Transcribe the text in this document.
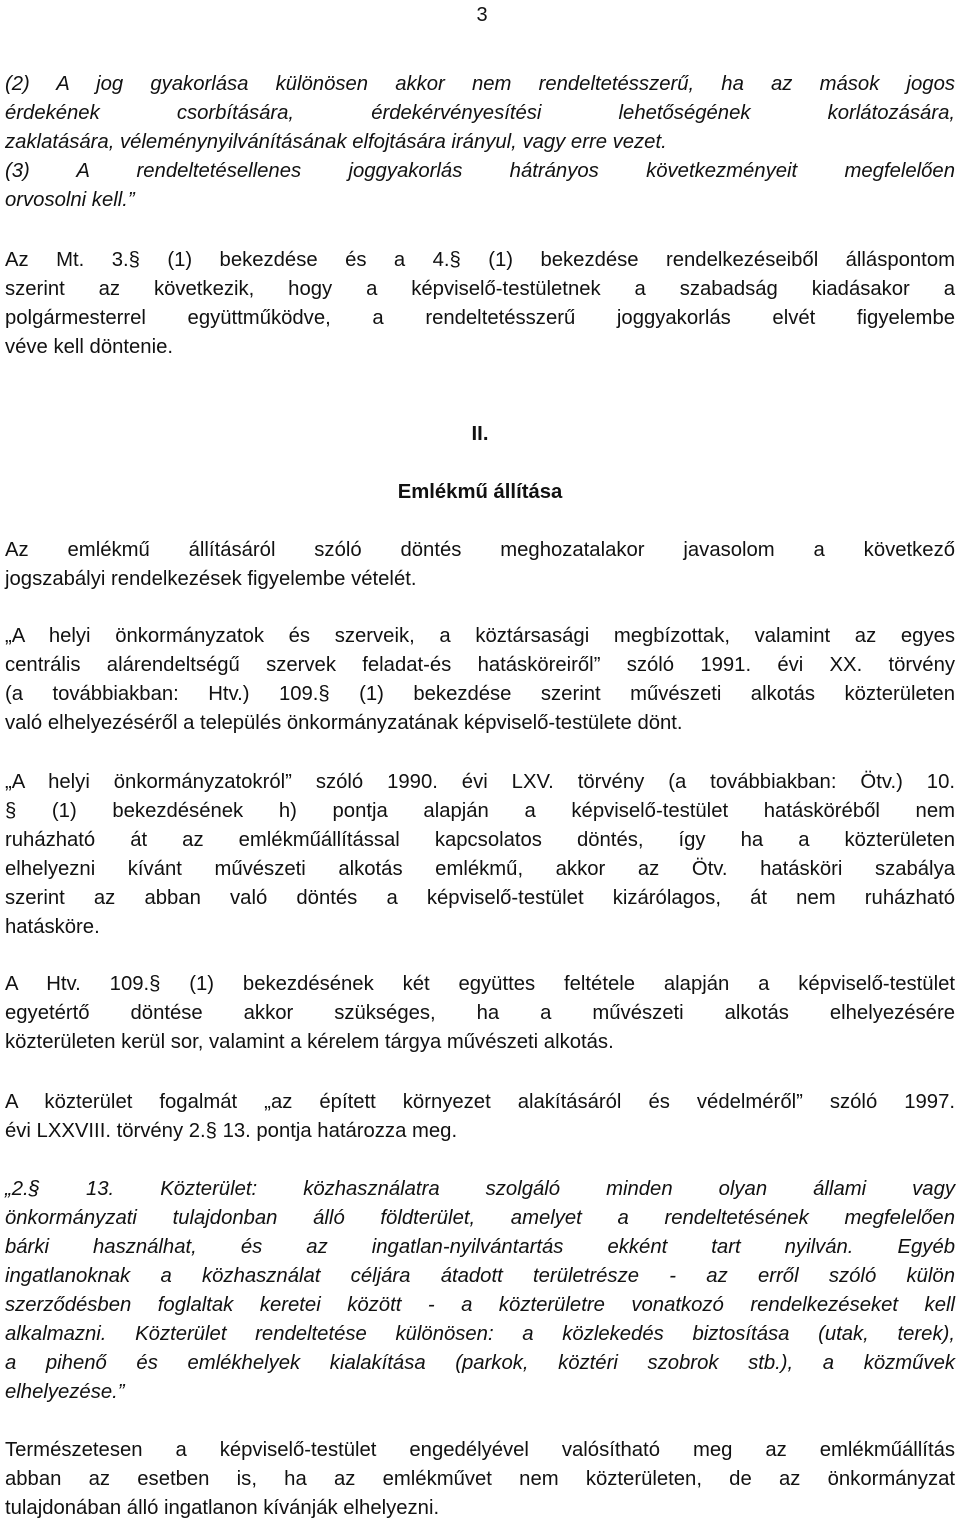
3

(2) A jog gyakorlása különösen akkor nem rendeltetésszerű, ha az mások jogos
érdekének csorbítására, érdekérvényesítési lehetőségének korlátozására,
zaklatására, véleménynyilvánításának elfojtására irányul, vagy erre vezet.
(3) A rendeltetésellenes joggyakorlás hátrányos következményeit megfelelően
orvosolni kell.”

Az Mt. 3.§ (1) bekezdése és a 4.§ (1) bekezdése rendelkezéseiből álláspontom
szerint az következik, hogy a képviselő-testületnek a szabadság kiadásakor a
polgármesterrel együttműködve, a rendeltetésszerű joggyakorlás elvét figyelembe
véve kell döntenie.

II.
Emlékmű állítása

Az emlékmű állításáról szóló döntés meghozatalakor javasolom a következő
jogszabályi rendelkezések figyelembe vételét.

„A helyi önkormányzatok és szerveik, a köztársasági megbízottak, valamint az egyes
centrális alárendeltségű szervek feladat-és hatásköreiről” szóló 1991. évi XX. törvény
(a továbbiakban: Htv.) 109.§ (1) bekezdése szerint művészeti alkotás közterületen
való elhelyezéséről a település önkormányzatának képviselő-testülete dönt.

„A helyi önkormányzatokról” szóló 1990. évi LXV. törvény (a továbbiakban: Ötv.) 10.
§ (1) bekezdésének h) pontja alapján a képviselő-testület hatásköréből nem
ruházható át az emlékműállítással kapcsolatos döntés, így ha a közterületen
elhelyezni kívánt művészeti alkotás emlékmű, akkor az Ötv. hatásköri szabálya
szerint az abban való döntés a képviselő-testület kizárólagos, át nem ruházható
hatásköre.

A Htv. 109.§ (1) bekezdésének két együttes feltétele alapján a képviselő-testület
egyetértő döntése akkor szükséges, ha a művészeti alkotás elhelyezésére
közterületen kerül sor, valamint a kérelem tárgya művészeti alkotás.

A közterület fogalmát „az épített környezet alakításáról és védelméről” szóló 1997.
évi LXXVIII. törvény 2.§ 13. pontja határozza meg.

„2.§ 13. Közterület: közhasználatra szolgáló minden olyan állami vagy
önkormányzati tulajdonban álló földterület, amelyet a rendeltetésének megfelelően
bárki használhat, és az ingatlan-nyilvántartás ekként tart nyilván. Egyéb
ingatlanoknak a közhasználat céljára átadott területrésze - az erről szóló külön
szerződésben foglaltak keretei között - a közterületre vonatkozó rendelkezéseket kell
alkalmazni. Közterület rendeltetése különösen: a közlekedés biztosítása (utak, terek),
a pihenő és emlékhelyek kialakítása (parkok, köztéri szobrok stb.), a közművek
elhelyezése.”

Természetesen a képviselő-testület engedélyével valósítható meg az emlékműállítás
abban az esetben is, ha az emlékművet nem közterületen, de az önkormányzat
tulajdonában álló ingatlanon kívánják elhelyezni.
